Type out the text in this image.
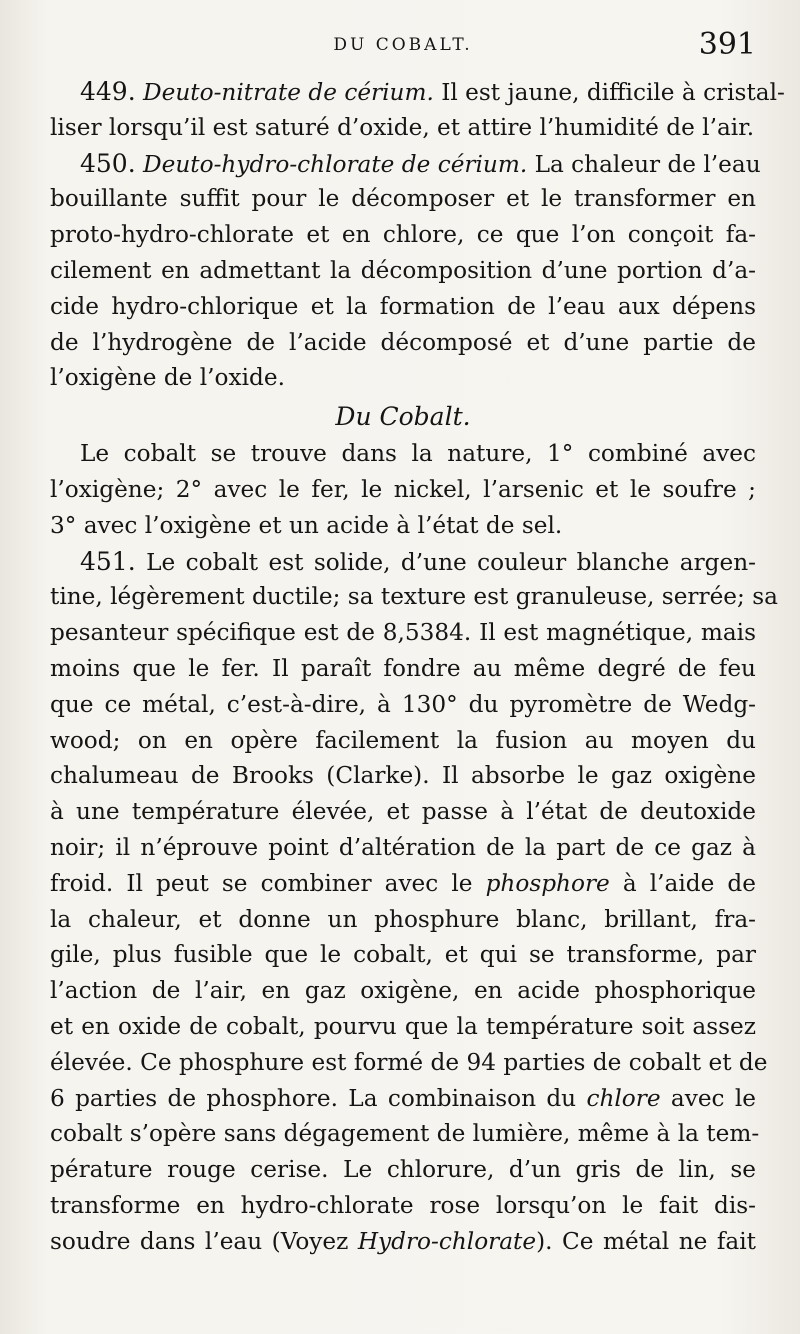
DU COBALT.	391
449. Deuto-nitrate de cérium. Il est jaune, difficile à cristal-
liser lorsqu’il est saturé d’oxide, et attire l’humidité de l’air.
450. Deuto-hydro-chlorate de cérium. La chaleur de l’eau
bouillante suffit pour le décomposer et le transformer en
proto-hydro-chlorate et en chlore, ce que l’on conçoit fa-
cilement en admettant la décomposition d’une portion d’a-
cide hydro-chlorique et la formation de l’eau aux dépens
de l’hydrogène de l’acide décomposé et d’une partie de
l’oxigène de l’oxide.
Du Cobalt.
Le cobalt se trouve dans la nature, 1° combiné avec
l’oxigène; 2° avec le fer, le nickel, l’arsenic et le soufre ;
3° avec l’oxigène et un acide à l’état de sel.
451. Le cobalt est solide, d’une couleur blanche argen-
tine, légèrement ductile; sa texture est granuleuse, serrée; sa
pesanteur spécifique est de 8,5384. Il est magnétique, mais
moins que le fer. Il paraît fondre au même degré de feu
que ce métal, c’est-à-dire, à 130° du pyromètre de Wedg-
wood; on en opère facilement la fusion au moyen du
chalumeau de Brooks (Clarke). Il absorbe le gaz oxigène
à une température élevée, et passe à l’état de deutoxide
noir; il n’éprouve point d’altération de la part de ce gaz à
froid. Il peut se combiner avec le phosphore à l’aide de
la chaleur, et donne un phosphure blanc, brillant, fra-
gile, plus fusible que le cobalt, et qui se transforme, par
l’action de l’air, en gaz oxigène, en acide phosphorique
et en oxide de cobalt, pourvu que la température soit assez
élevée. Ce phosphure est formé de 94 parties de cobalt et de
6 parties de phosphore. La combinaison du chlore avec le
cobalt s’opère sans dégagement de lumière, même à la tem-
pérature rouge cerise. Le chlorure, d’un gris de lin, se
transforme en hydro-chlorate rose lorsqu’on le fait dis-
soudre dans l’eau (Voyez Hydro-chlorate). Ce métal ne fait
